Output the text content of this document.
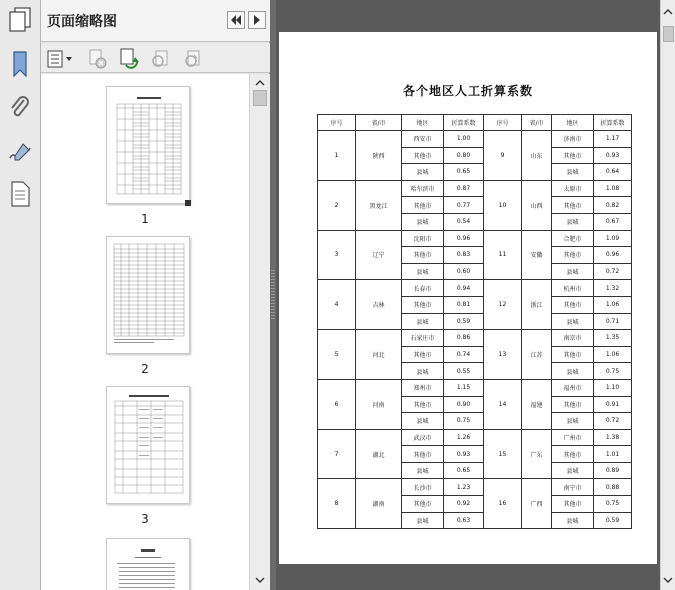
页面缩略图
1
2
3
各个地区人工折算系数
序号	省/市	地区	折算系数	序号	省/市	地区	折算系数
1	陕西	西安市	1.00	9	山东	济南市	1.17
		其他市	0.80			其他市	0.93
		县城	0.65			县城	0.64
2	黑龙江	哈尔滨市	0.87	10	山西	太原市	1.08
		其他市	0.77			其他市	0.82
		县城	0.54			县城	0.67
3	辽宁	沈阳市	0.96	11	安徽	合肥市	1.09
		其他市	0.83			其他市	0.96
		县城	0.60			县城	0.72
4	吉林	长春市	0.94	12	浙江	杭州市	1.32
		其他市	0.81			其他市	1.06
		县城	0.59			县城	0.71
5	河北	石家庄市	0.86	13	江苏	南京市	1.35
		其他市	0.74			其他市	1.06
		县城	0.55			县城	0.75
6	河南	郑州市	1.15	14	福建	福州市	1.10
		其他市	0.90			其他市	0.91
		县城	0.75			县城	0.72
7	湖北	武汉市	1.26	15	广东	广州市	1.38
		其他市	0.93			其他市	1.01
		县城	0.65			县城	0.89
8	湖南	长沙市	1.23	16	广西	南宁市	0.88
		其他市	0.92			其他市	0.75
		县城	0.63			县城	0.59
